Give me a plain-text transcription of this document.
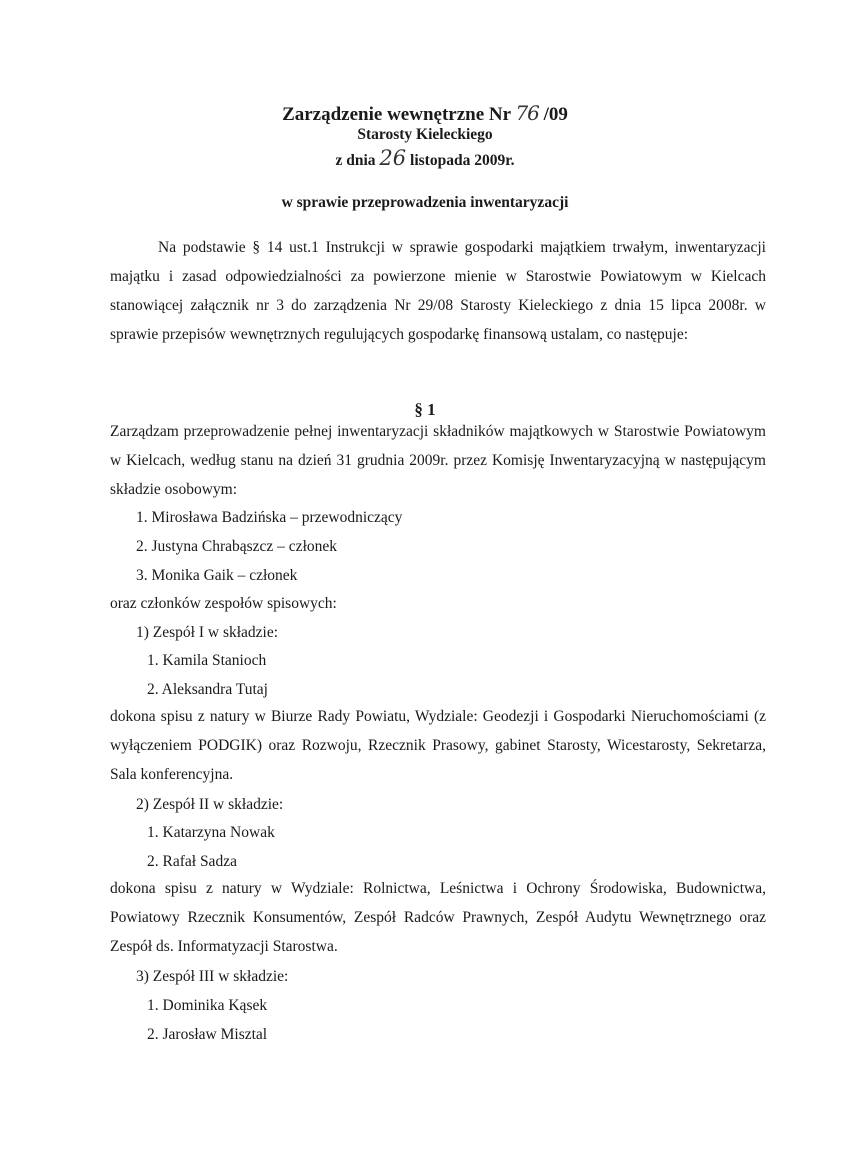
Zarządzenie wewnętrzne Nr 76 /09
Starosty Kieleckiego
z dnia 26 listopada 2009r.
w sprawie przeprowadzenia inwentaryzacji
Na podstawie § 14 ust.1 Instrukcji w sprawie gospodarki majątkiem trwałym, inwentaryzacji majątku i zasad odpowiedzialności za powierzone mienie w Starostwie Powiatowym w Kielcach stanowiącej załącznik nr 3 do zarządzenia Nr 29/08 Starosty Kieleckiego z dnia 15 lipca 2008r. w sprawie przepisów wewnętrznych regulujących gospodarkę finansową ustalam, co następuje:
§ 1
Zarządzam przeprowadzenie pełnej inwentaryzacji składników majątkowych w Starostwie Powiatowym w Kielcach, według stanu na dzień 31 grudnia 2009r. przez Komisję Inwentaryzacyjną w następującym składzie osobowym:
1. Mirosława Badzińska – przewodniczący
2. Justyna Chrabąszcz – członek
3. Monika Gaik – członek
oraz członków zespołów spisowych:
1) Zespół I w składzie:
1. Kamila Stanioch
2. Aleksandra Tutaj
dokona spisu z natury w Biurze Rady Powiatu, Wydziale: Geodezji i Gospodarki Nieruchomościami (z wyłączeniem PODGIK) oraz Rozwoju, Rzecznik Prasowy, gabinet Starosty, Wicestarosty, Sekretarza, Sala konferencyjna.
2) Zespół II w składzie:
1. Katarzyna Nowak
2. Rafał Sadza
dokona spisu z natury w Wydziale: Rolnictwa, Leśnictwa i Ochrony Środowiska, Budownictwa, Powiatowy Rzecznik Konsumentów, Zespół Radców Prawnych, Zespół Audytu Wewnętrznego oraz Zespół ds. Informatyzacji Starostwa.
3) Zespół III w składzie:
1. Dominika Kąsek
2. Jarosław Misztal
